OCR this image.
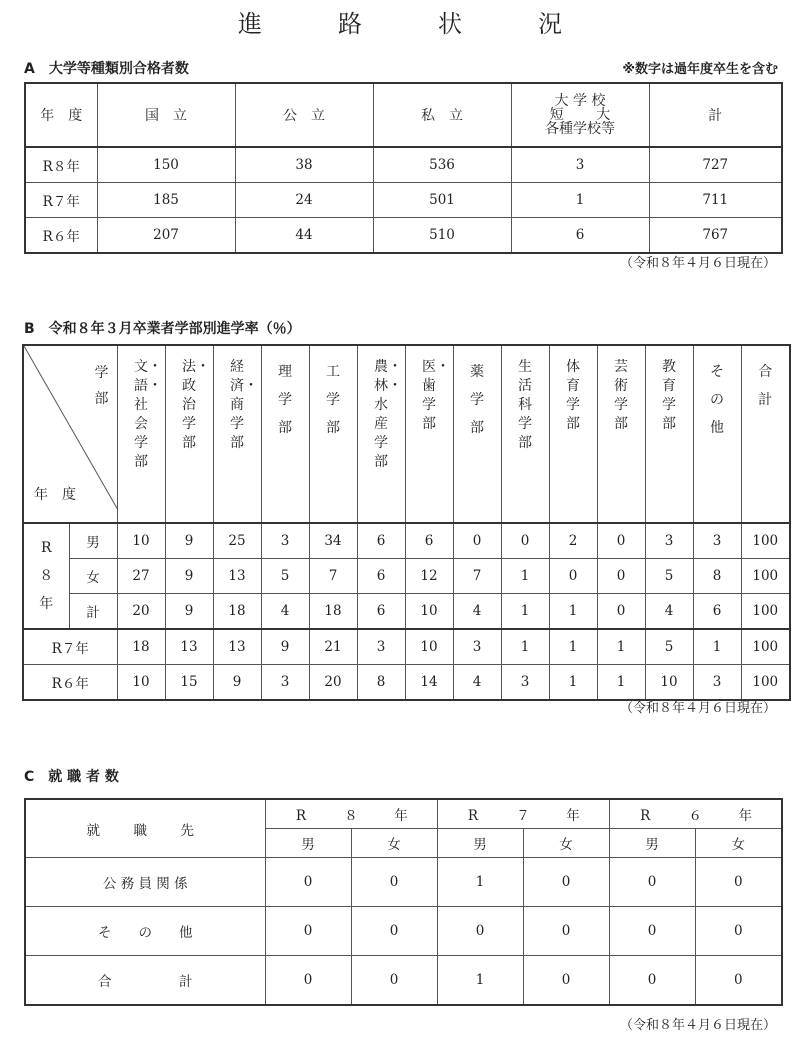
進　路　状　況
A　大学等種類別合格者数	※数字は過年度卒生を含む
年　度	国　立	公　立	私　立	大 学 校
短　　 大
各種学校等	計
R８年	150	38	536	3	727
R７年	185	24	501	1	711
R６年	207	44	510	6	767
（令和８年４月６日現在）
B　令和８年３月卒業者学部別進学率（％）
学部
年度		文・語・社会学部	法・政治学部	経済・商学部	理学部	工学部	農・林・水産学部	医・歯学部	薬学部	生活科学部	体育学部	芸術学部	教育学部	その他	合計
R８年	男	10	9	25	3	34	6	6	0	0	2	0	3	3	100
	女	27	9	13	5	7	6	12	7	1	0	0	5	8	100
	計	20	9	18	4	18	6	10	4	1	1	0	4	6	100
R７年		18	13	13	9	21	3	10	3	1	1	1	5	1	100
R６年		10	15	9	3	20	8	14	4	3	1	1	10	3	100
（令和８年４月６日現在）
C　就 職 者 数
就　職　先	R ８ 年		R ７ 年		R ６ 年	
	男	女	男	女	男	女
公 務 員 関 係	0	0	1	0	0	0
そ　　の　　他	0	0	0	0	0	0
合　　　　　計	0	0	1	0	0	0
（令和８年４月６日現在）
